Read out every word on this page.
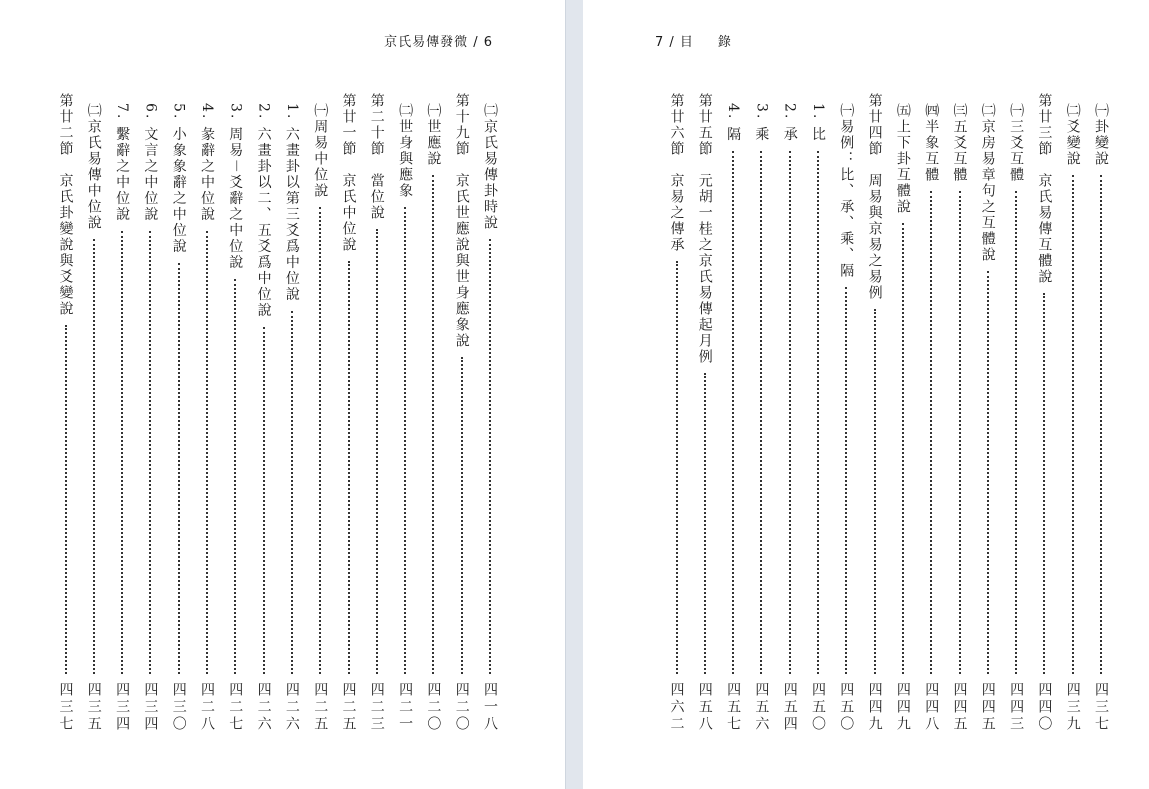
京氏易傳發微 / 6
㈡京氏易傳卦時說
四一八
第十九節　京氏世應說與世身應象說
四二〇
㈠世應說
四二〇
㈡世身與應象
四二一
第二十節　當位說
四二三
第廿一節　京氏中位說
四二五
㈠周易中位說
四二五
1. 六畫卦以第三爻爲中位說
四二六
2. 六畫卦以二、五爻爲中位說
四二六
3. 周易－爻辭之中位說
四二七
4. 彖辭之中位說
四二八
5. 小象象辭之中位說
四三〇
6. 文言之中位說
四三四
7. 繫辭之中位說
四三四
㈡京氏易傳中位說
四三五
第廿二節　京氏卦變說與爻變說
四三七
7 / 目 錄
㈠卦變說
四三七
㈡爻變說
四三九
第廿三節　京氏易傳互體說
四四〇
㈠三爻互體
四四三
㈡京房易章句之互體說
四四五
㈢五爻互體
四四五
㈣半象互體
四四八
㈤上下卦互體說
四四九
第廿四節　周易與京易之易例
四四九
㈠易例：比、承、乘、隔
四五〇
1. 比
四五〇
2. 承
四五四
3. 乘
四五六
4. 隔
四五七
第廿五節　元胡一桂之京氏易傳起月例
四五八
第廿六節　京易之傳承
四六二
